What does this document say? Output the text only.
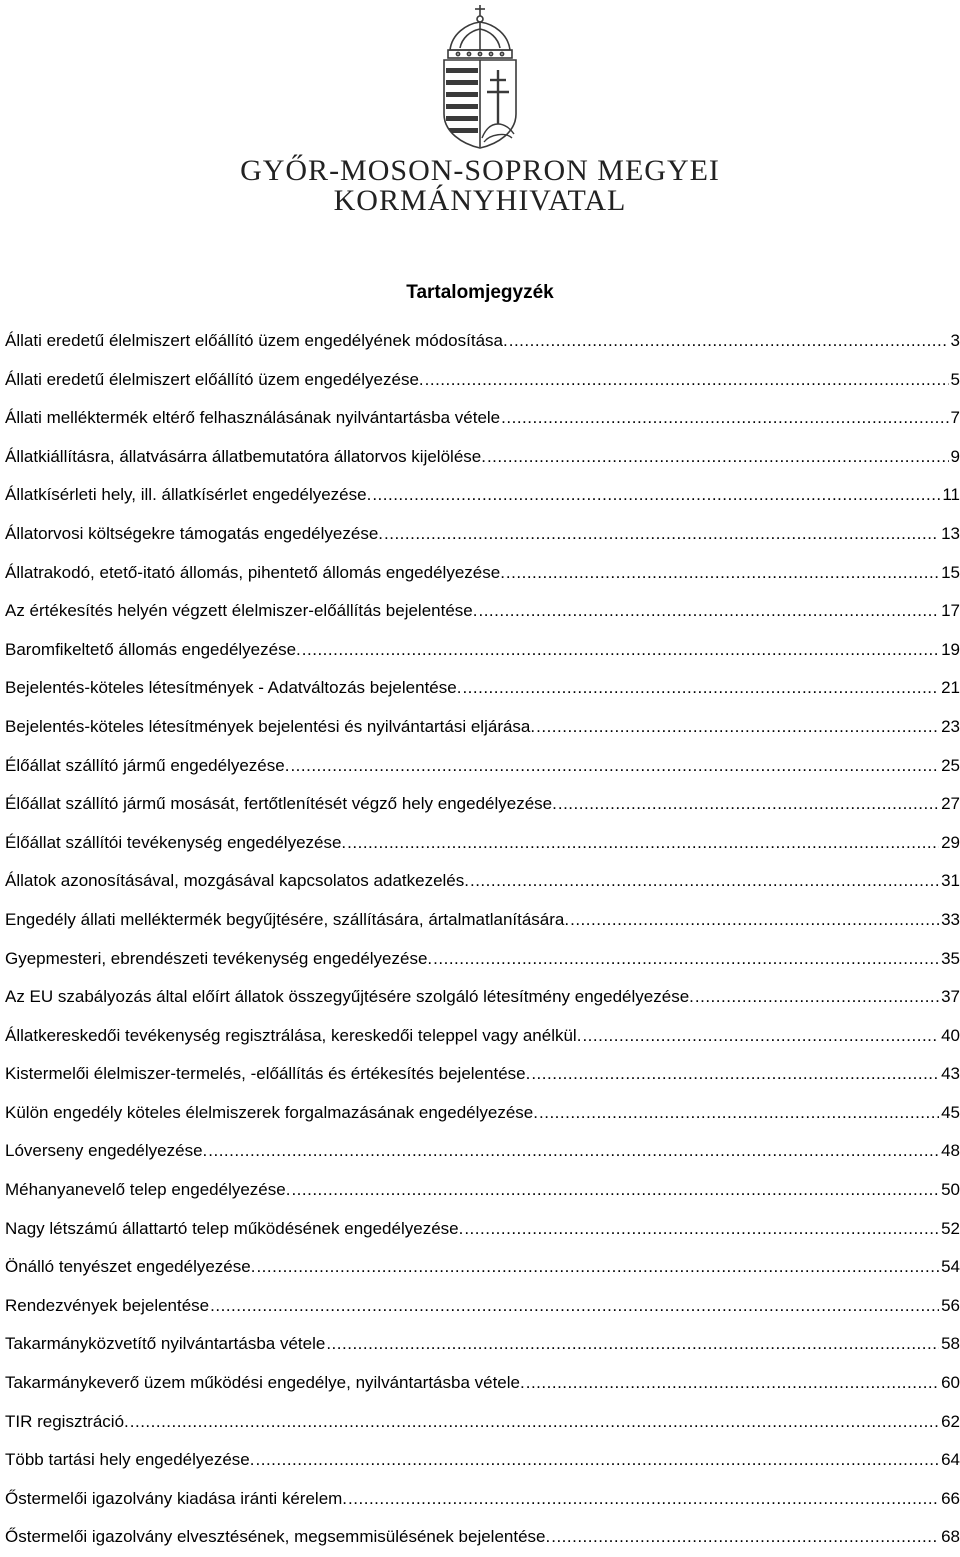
GYŐR-MOSON-SOPRON MEGYEI
KORMÁNYHIVATAL
Tartalomjegyzék
Állati eredetű élelmiszert előállító üzem engedélyének módosítása. .....	3
Állati eredetű élelmiszert előállító üzem engedélyezése. .....	5
Állati melléktermék eltérő felhasználásának nyilvántartásba vétele .....	7
Állatkiállításra, állatvásárra állatbemutatóra állatorvos kijelölése. .....	9
Állatkísérleti hely, ill. állatkísérlet engedélyezése. .....	11
Állatorvosi költségekre támogatás engedélyezése. .....	13
Állatrakodó, etető-itató állomás, pihentető állomás engedélyezése. .....	15
Az értékesítés helyén végzett élelmiszer-előállítás bejelentése. .....	17
Baromfikeltető állomás engedélyezése. .....	19
Bejelentés-köteles létesítmények - Adatváltozás bejelentése. .....	21
Bejelentés-köteles létesítmények bejelentési és nyilvántartási eljárása. .....	23
Élőállat szállító jármű engedélyezése. .....	25
Élőállat szállító jármű mosását, fertőtlenítését végző hely engedélyezése. .....	27
Élőállat szállítói tevékenység engedélyezése. .....	29
Állatok azonosításával, mozgásával kapcsolatos adatkezelés. .....	31
Engedély állati melléktermék begyűjtésére, szállítására, ártalmatlanítására. .....	33
Gyepmesteri, ebrendészeti tevékenység engedélyezése. .....	35
Az EU szabályozás által előírt állatok összegyűjtésére szolgáló létesítmény engedélyezése. .....	37
Állatkereskedői tevékenység regisztrálása, kereskedői teleppel vagy anélkül. .....	40
Kistermelői élelmiszer-termelés, -előállítás és értékesítés bejelentése. .....	43
Külön engedély köteles élelmiszerek forgalmazásának engedélyezése. .....	45
Lóverseny engedélyezése. .....	48
Méhanyanevelő telep engedélyezése. .....	50
Nagy létszámú állattartó telep működésének engedélyezése. .....	52
Önálló tenyészet engedélyezése. .....	54
Rendezvények bejelentése .....	56
Takarmányközvetítő nyilvántartásba vétele .....	58
Takarmánykeverő üzem működési engedélye, nyilvántartásba vétele. .....	60
TIR regisztráció. .....	62
Több tartási hely engedélyezése. .....	64
Őstermelői igazolvány kiadása iránti kérelem. .....	66
Őstermelői igazolvány elvesztésének, megsemmisülésének bejelentése. .....	68
